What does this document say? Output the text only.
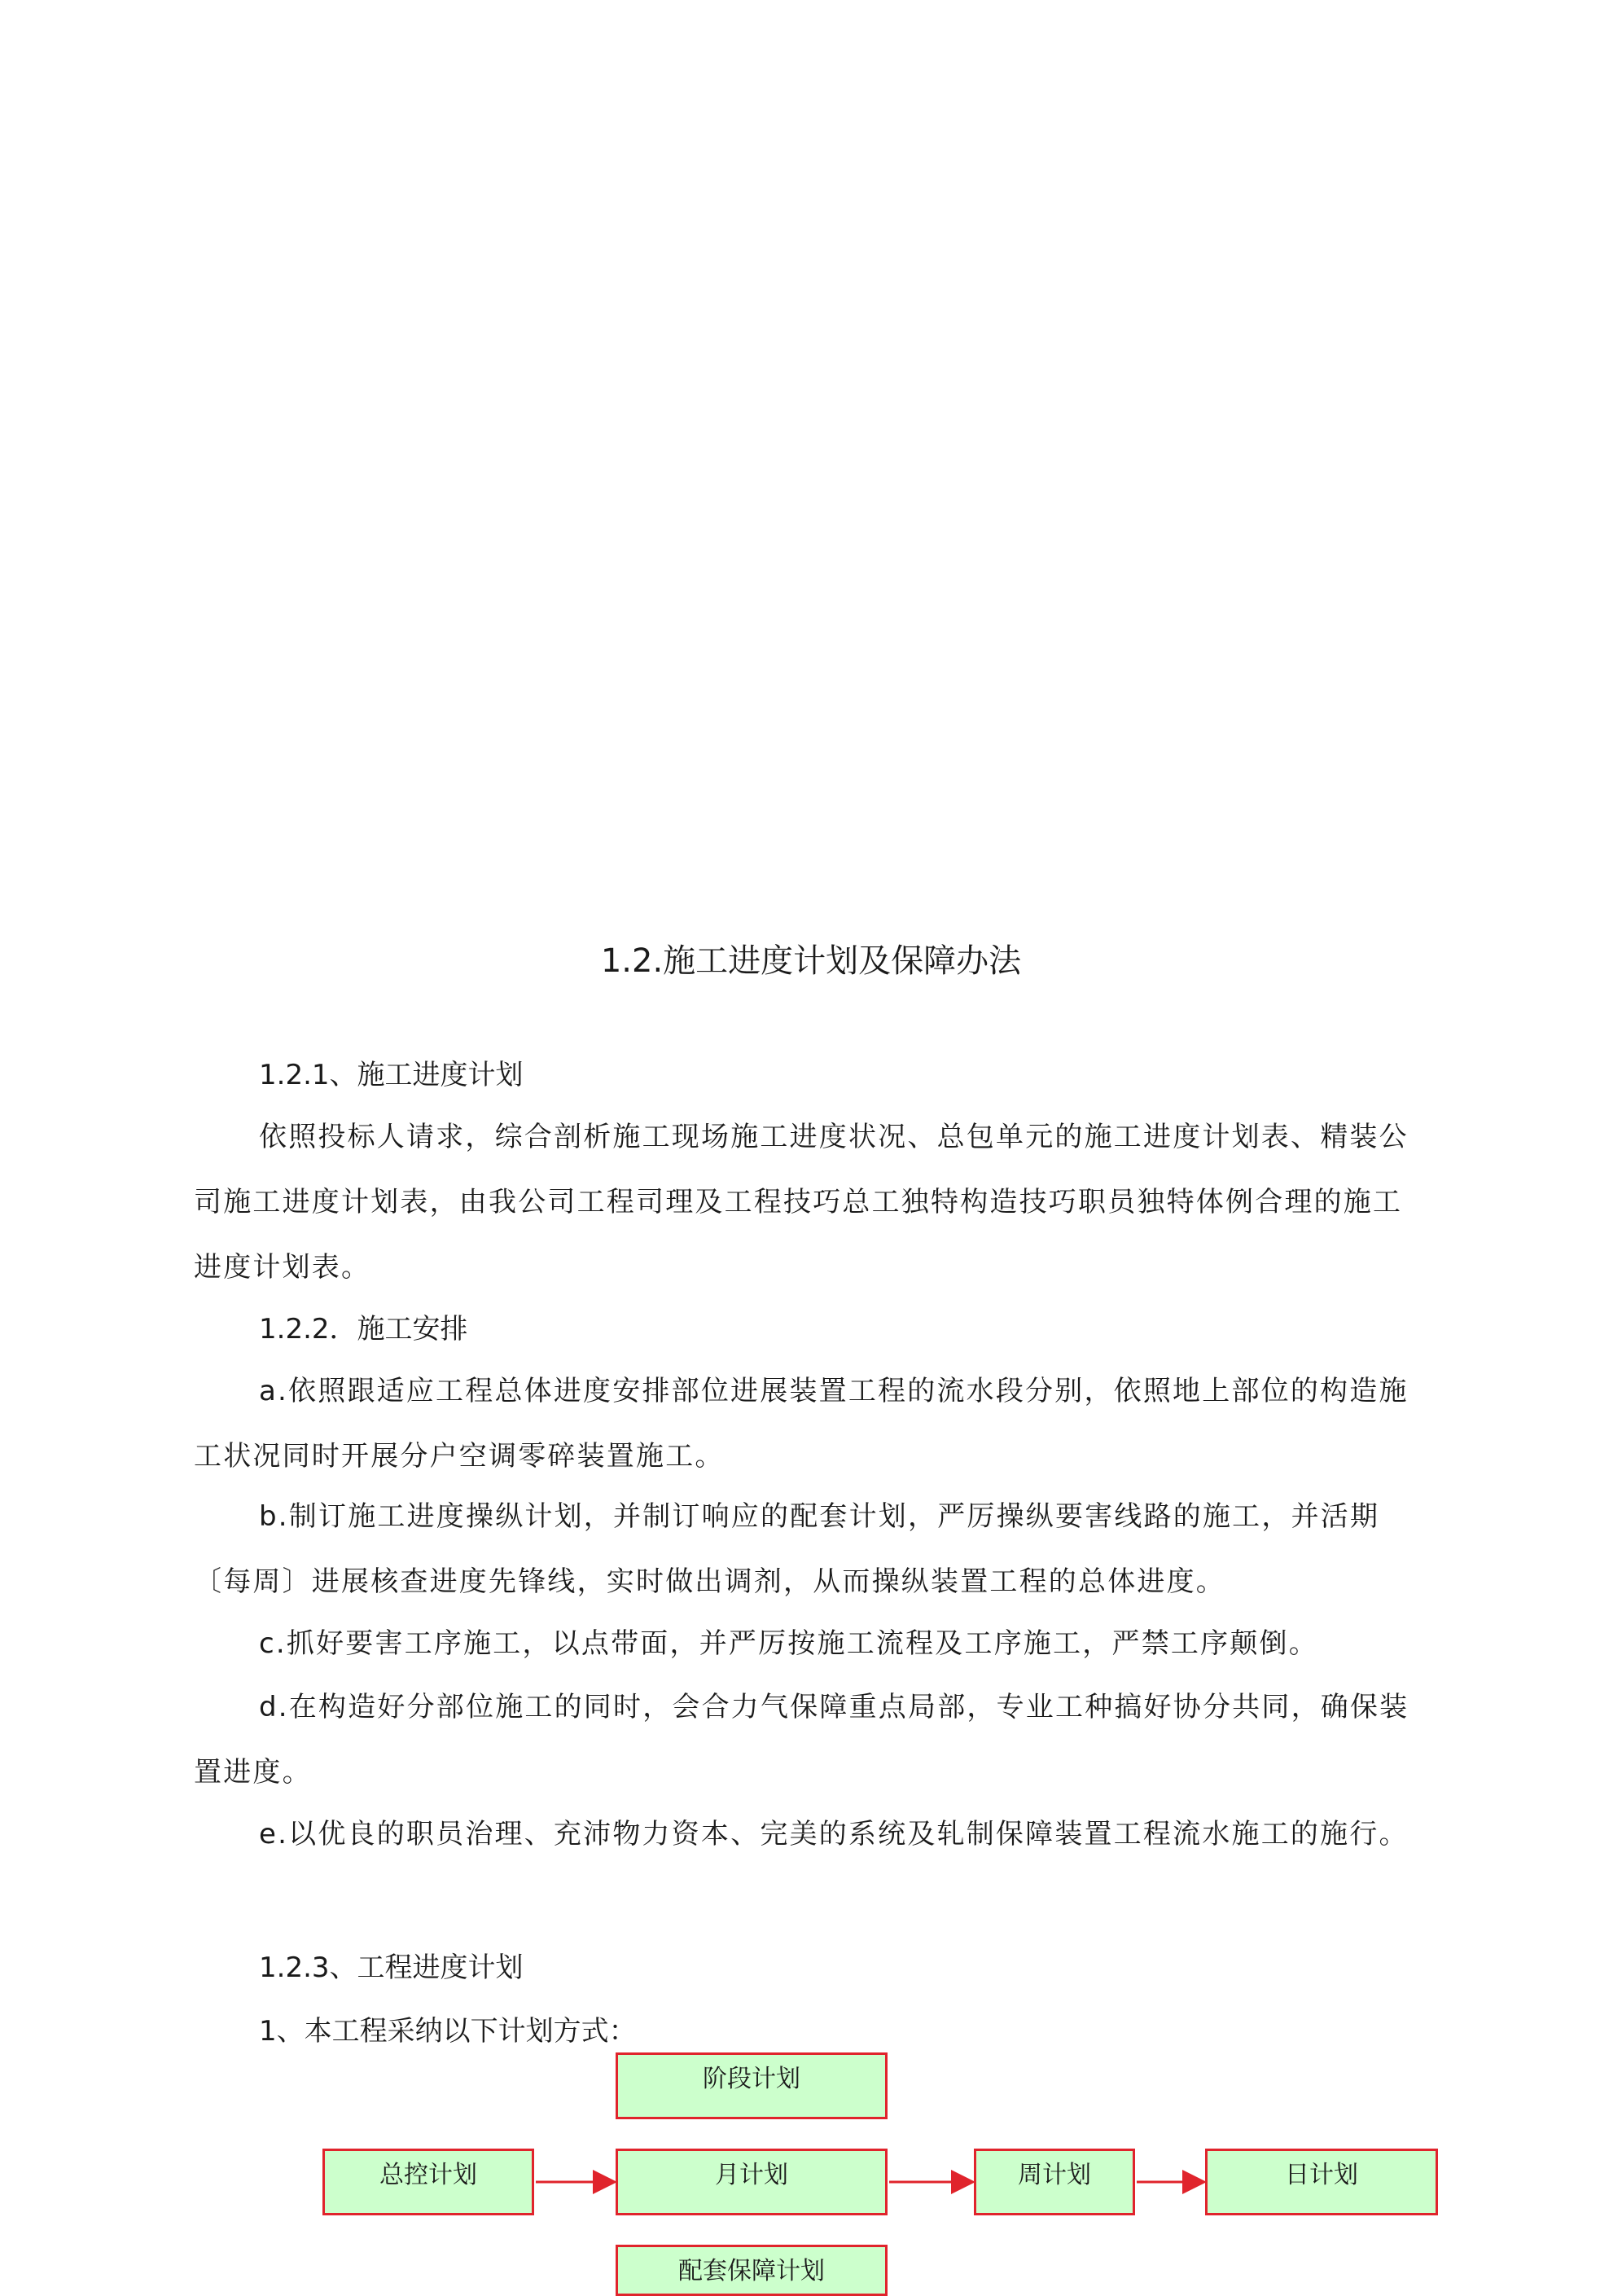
1.2.施工进度计划及保障办法

1.2.1、施工进度计划

依照投标人请求，综合剖析施工现场施工进度状况、总包单元的施工进度计划表、精装公司施工进度计划表，由我公司工程司理及工程技巧总工独特构造技巧职员独特体例合理的施工进度计划表。

1.2.2．施工安排

a.依照跟适应工程总体进度安排部位进展装置工程的流水段分别，依照地上部位的构造施工状况同时开展分户空调零碎装置施工。

b.制订施工进度操纵计划，并制订响应的配套计划，严厉操纵要害线路的施工，并活期〔每周〕进展核查进度先锋线，实时做出调剂，从而操纵装置工程的总体进度。

c.抓好要害工序施工，以点带面，并严厉按施工流程及工序施工，严禁工序颠倒。

d.在构造好分部位施工的同时，会合力气保障重点局部，专业工种搞好协分共同，确保装置进度。

e.以优良的职员治理、充沛物力资本、完美的系统及轧制保障装置工程流水施工的施行。

1.2.3、工程进度计划

1、本工程采纳以下计划方式：

阶段计划
总控计划	月计划	周计划	日计划
配套保障计划
